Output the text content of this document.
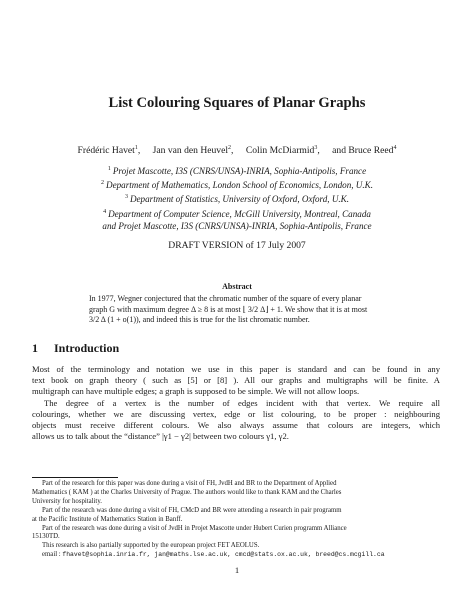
List Colouring Squares of Planar Graphs
Frédéric Havet$^1$, Jan van den Heuvel$^2$, Colin McDiarmid$^3$, and Bruce Reed$^4$
$^1$ Projet Mascotte, I3S (CNRS/UNSA)-INRIA, Sophia-Antipolis, France
$^2$ Department of Mathematics, London School of Economics, London, U.K.
$^3$ Department of Statistics, University of Oxford, Oxford, U.K.
$^4$ Department of Computer Science, McGill University, Montreal, Canada
and Projet Mascotte, I3S (CNRS/UNSA)-INRIA, Sophia-Antipolis, France
DRAFT VERSION of 17 July 2007
Abstract
In 1977, Wegner conjectured that the chromatic number of the square of every planar
graph G with maximum degree Δ ≥ 8 is at most ⌊ 3/2 Δ⌋ + 1. We show that it is at most
3/2 Δ (1 + o(1)), and indeed this is true for the list chromatic number.
1 Introduction
Most of the terminology and notation we use in this paper is standard and can be found in any
text book on graph theory ( such as [5] or [8] ). All our graphs and multigraphs will be finite. A
multigraph can have multiple edges; a graph is supposed to be simple. We will not allow loops.
The degree of a vertex is the number of edges incident with that vertex. We require all
colourings, whether we are discussing vertex, edge or list colouring, to be proper : neighbouring
objects must receive different colours. We also always assume that colours are integers, which
allows us to talk about the “distance” |γ1 − γ2| between two colours γ1, γ2.
Part of the research for this paper was done during a visit of FH, JvdH and BR to the Department of Applied
Mathematics ( KAM ) at the Charles University of Prague. The authors would like to thank KAM and the Charles
University for hospitality.
Part of the research was done during a visit of FH, CMcD and BR were attending a research in pair programm
at the Pacific Institute of Mathematics Station in Banff.
Part of the research was done during a visit of JvdH in Projet Mascotte under Hubert Curien programm Alliance
15130TD.
This research is also partially supported by the european project FET AEOLUS.
email : fhavet@sophia.inria.fr, jan@maths.lse.ac.uk, cmcd@stats.ox.ac.uk, breed@cs.mcgill.ca
1
